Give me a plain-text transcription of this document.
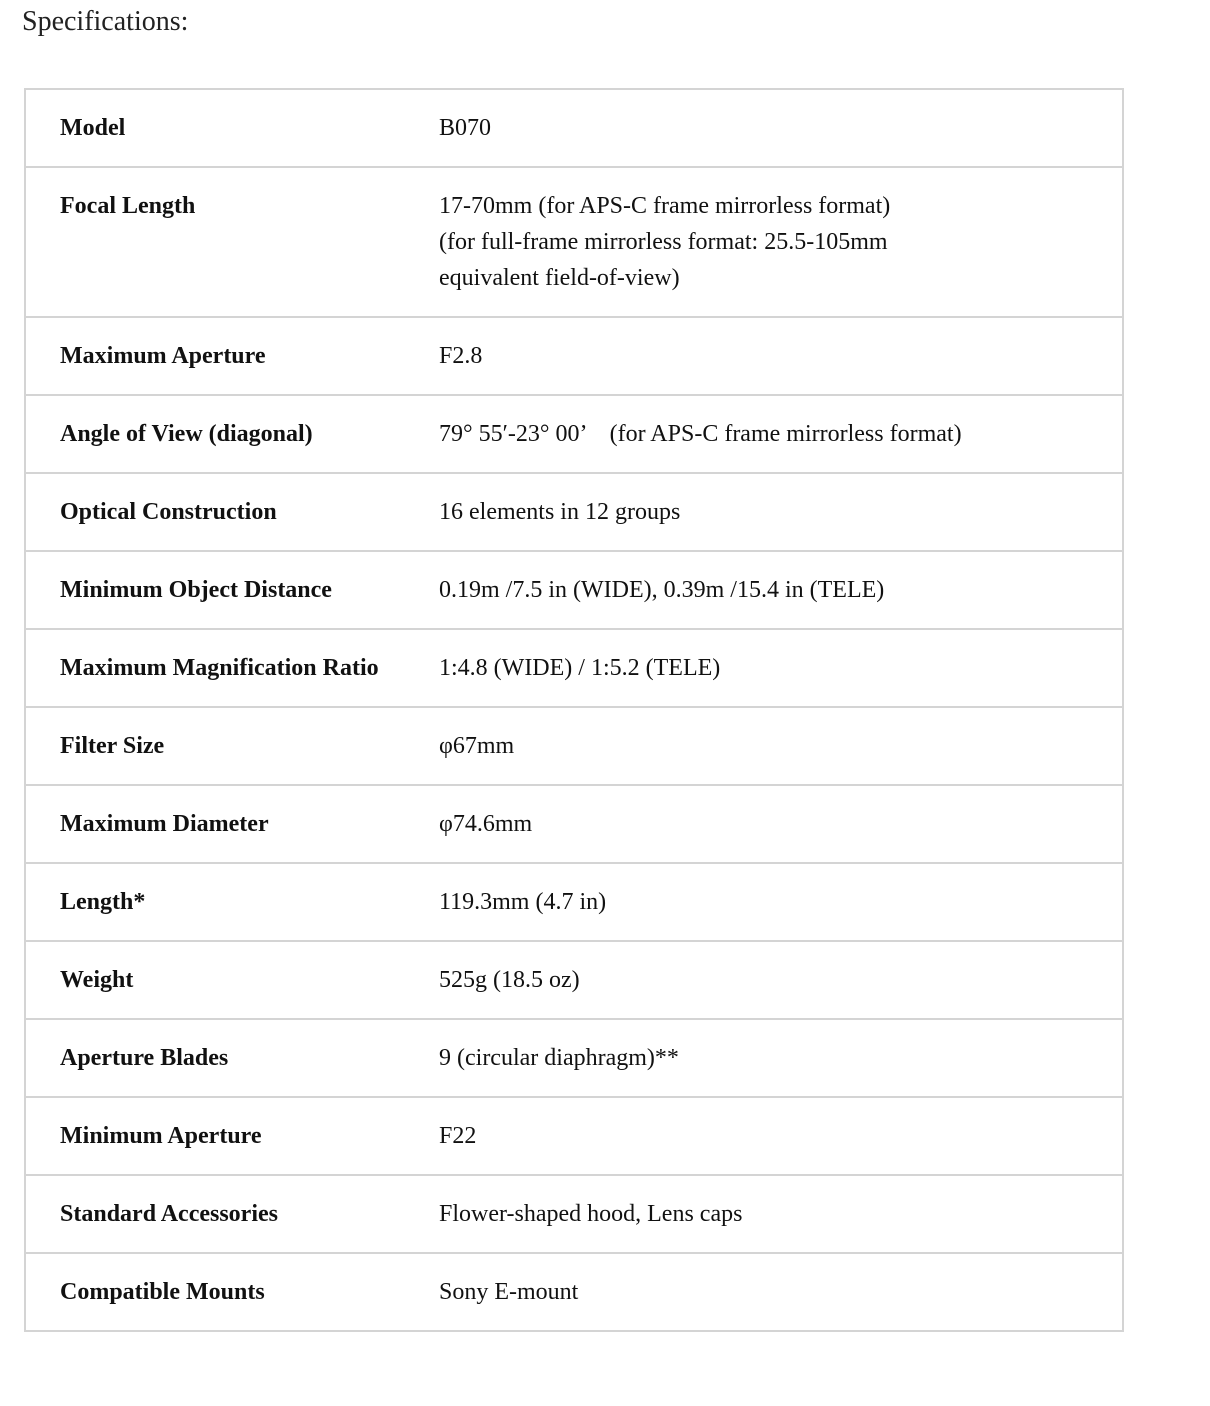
Specifications:
Model	B070
Focal Length	17-70mm (for APS-C frame mirrorless format)
(for full-frame mirrorless format: 25.5-105mm
equivalent field-of-view)
Maximum Aperture	F2.8
Angle of View (diagonal)	79° 55′-23° 00’　(for APS-C frame mirrorless format)
Optical Construction	16 elements in 12 groups
Minimum Object Distance	0.19m /7.5 in (WIDE), 0.39m /15.4 in (TELE)
Maximum Magnification Ratio	1:4.8 (WIDE) / 1:5.2 (TELE)
Filter Size	φ67mm
Maximum Diameter	φ74.6mm
Length*	119.3mm (4.7 in)
Weight	525g (18.5 oz)
Aperture Blades	9 (circular diaphragm)**
Minimum Aperture	F22
Standard Accessories	Flower-shaped hood, Lens caps
Compatible Mounts	Sony E-mount
